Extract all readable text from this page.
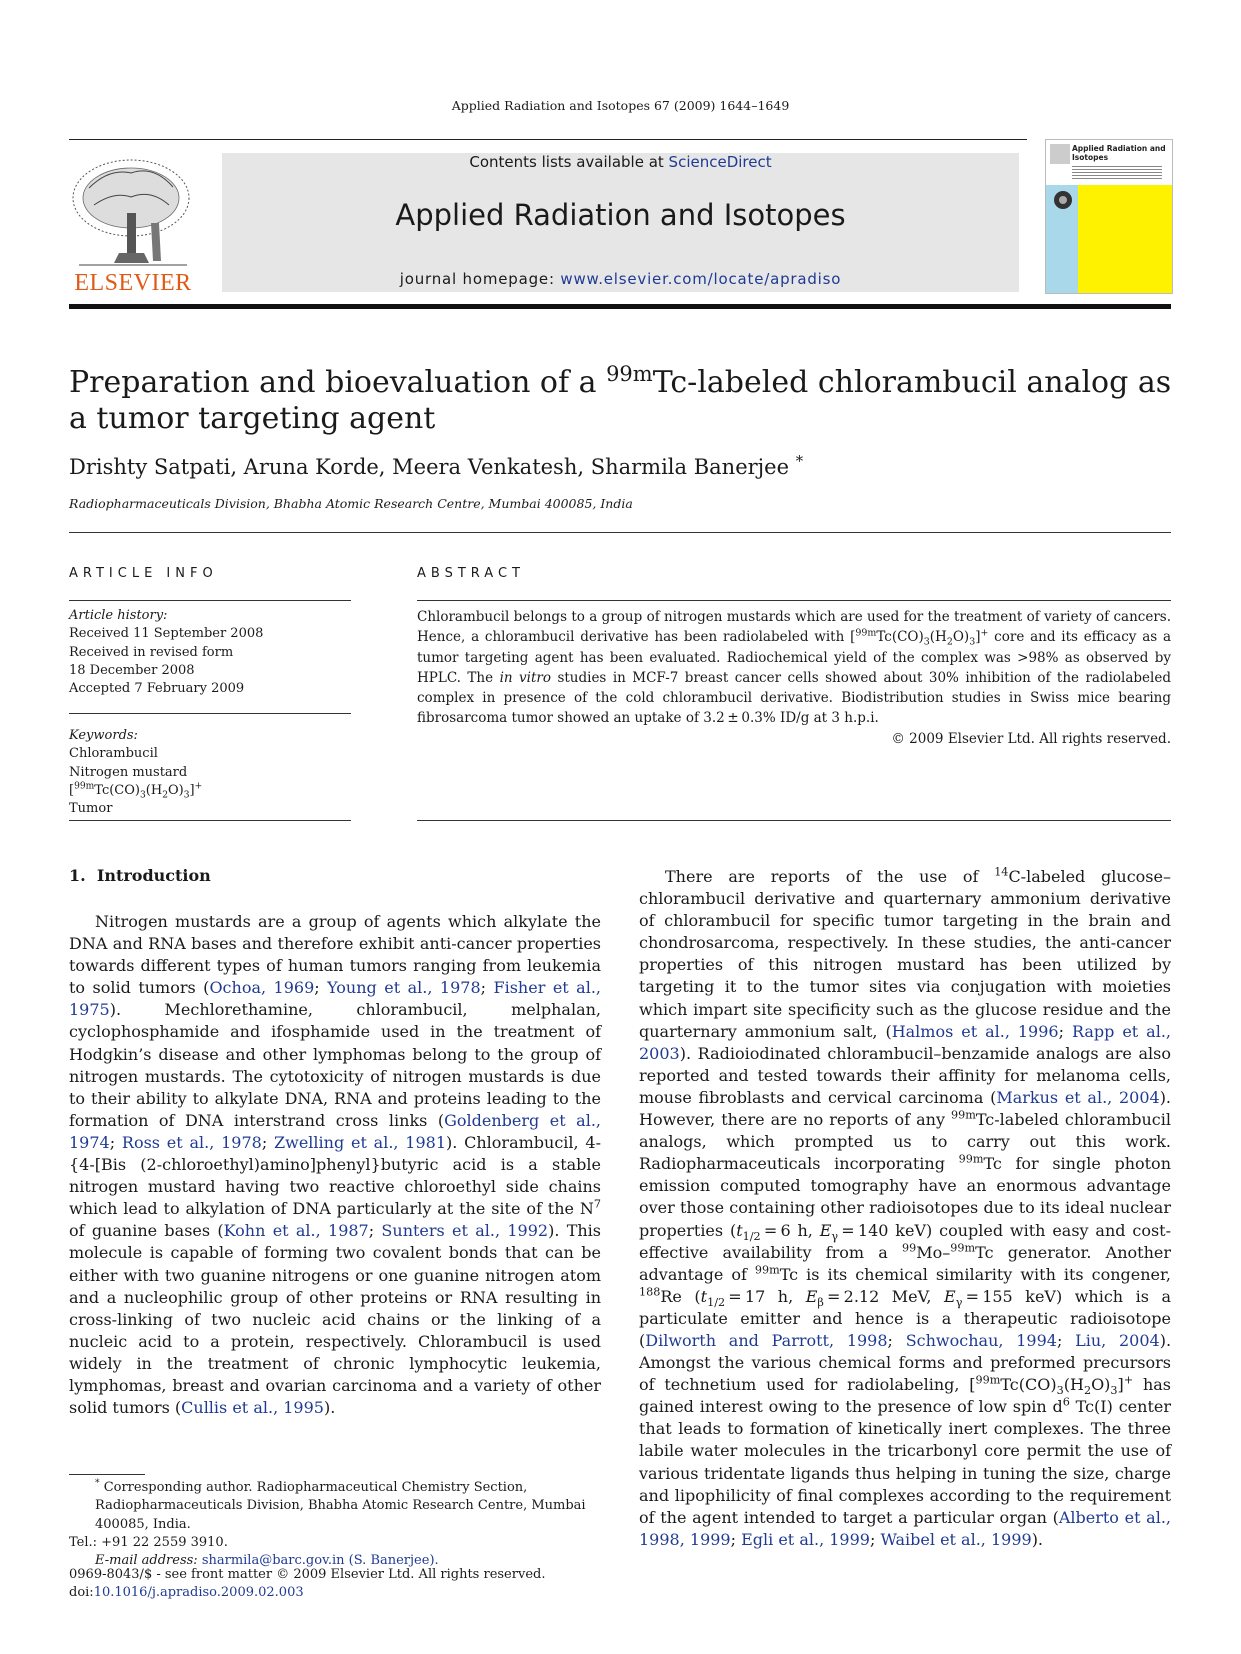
Applied Radiation and Isotopes 67 (2009) 1644–1649
ELSEVIER
Contents lists available at ScienceDirect
Applied Radiation and Isotopes
journal homepage: www.elsevier.com/locate/apradiso
Applied Radiation and Isotopes
Preparation and bioevaluation of a $^{99m}$Tc-labeled chlorambucil analog as a tumor targeting agent
Drishty Satpati, Aruna Korde, Meera Venkatesh, Sharmila Banerjee *
Radiopharmaceuticals Division, Bhabha Atomic Research Centre, Mumbai 400085, India
ARTICLE INFO	ABSTRACT
Article history:
Received 11 September 2008
Received in revised form
18 December 2008
Accepted 7 February 2009
Keywords:
Chlorambucil
Nitrogen mustard
$[^{99m}Tc(CO)_3(H_2O)_3]^+$
Tumor
Chlorambucil belongs to a group of nitrogen mustards which are used for the treatment of variety of cancers. Hence, a chlorambucil derivative has been radiolabeled with $[^{99m}Tc(CO)_3(H_2O)_3]^+$ core and its efficacy as a tumor targeting agent has been evaluated. Radiochemical yield of the complex was >98% as observed by HPLC. The in vitro studies in MCF-7 breast cancer cells showed about 30% inhibition of the radiolabeled complex in presence of the cold chlorambucil derivative. Biodistribution studies in Swiss mice bearing fibrosarcoma tumor showed an uptake of 3.2 ± 0.3% ID/g at 3 h.p.i.
© 2009 Elsevier Ltd. All rights reserved.
1. Introduction
Nitrogen mustards are a group of agents which alkylate the DNA and RNA bases and therefore exhibit anti-cancer properties towards different types of human tumors ranging from leukemia to solid tumors (Ochoa, 1969; Young et al., 1978; Fisher et al., 1975). Mechlorethamine, chlorambucil, melphalan, cyclophosphamide and ifosphamide used in the treatment of Hodgkin’s disease and other lymphomas belong to the group of nitrogen mustards. The cytotoxicity of nitrogen mustards is due to their ability to alkylate DNA, RNA and proteins leading to the formation of DNA interstrand cross links (Goldenberg et al., 1974; Ross et al., 1978; Zwelling et al., 1981). Chlorambucil, 4-{4-[Bis (2-chloroethyl)amino]phenyl}butyric acid is a stable nitrogen mustard having two reactive chloroethyl side chains which lead to alkylation of DNA particularly at the site of the $N^7$ of guanine bases (Kohn et al., 1987; Sunters et al., 1992). This molecule is capable of forming two covalent bonds that can be either with two guanine nitrogens or one guanine nitrogen atom and a nucleophilic group of other proteins or RNA resulting in cross-linking of two nucleic acid chains or the linking of a nucleic acid to a protein, respectively. Chlorambucil is used widely in the treatment of chronic lymphocytic leukemia, lymphomas, breast and ovarian carcinoma and a variety of other solid tumors (Cullis et al., 1995).
There are reports of the use of $^{14}$C-labeled glucose–chlorambucil derivative and quarternary ammonium derivative of chlorambucil for specific tumor targeting in the brain and chondrosarcoma, respectively. In these studies, the anti-cancer properties of this nitrogen mustard has been utilized by targeting it to the tumor sites via conjugation with moieties which impart site specificity such as the glucose residue and the quarternary ammonium salt, (Halmos et al., 1996; Rapp et al., 2003). Radioiodinated chlorambucil–benzamide analogs are also reported and tested towards their affinity for melanoma cells, mouse fibroblasts and cervical carcinoma (Markus et al., 2004). However, there are no reports of any $^{99m}$Tc-labeled chlorambucil analogs, which prompted us to carry out this work. Radiopharmaceuticals incorporating $^{99m}$Tc for single photon emission computed tomography have an enormous advantage over those containing other radioisotopes due to its ideal nuclear properties ($t_{1/2} = 6$ h, $E_\gamma = 140$ keV) coupled with easy and cost-effective availability from a $^{99}$Mo–$^{99m}$Tc generator. Another advantage of $^{99m}$Tc is its chemical similarity with its congener, $^{188}$Re ($t_{1/2} = 17$ h, $E_\beta = 2.12$ MeV, $E_\gamma = 155$ keV) which is a particulate emitter and hence is a therapeutic radioisotope (Dilworth and Parrott, 1998; Schwochau, 1994; Liu, 2004). Amongst the various chemical forms and preformed precursors of technetium used for radiolabeling, $[^{99m}Tc(CO)_3(H_2O)_3]^+$ has gained interest owing to the presence of low spin $d^6$ Tc(I) center that leads to formation of kinetically inert complexes. The three labile water molecules in the tricarbonyl core permit the use of various tridentate ligands thus helping in tuning the size, charge and lipophilicity of final complexes according to the requirement of the agent intended to target a particular organ (Alberto et al., 1998, 1999; Egli et al., 1999; Waibel et al., 1999).
* Corresponding author. Radiopharmaceutical Chemistry Section, Radiopharmaceuticals Division, Bhabha Atomic Research Centre, Mumbai 400085, India.
Tel.: +91 22 2559 3910.
E-mail address: sharmila@barc.gov.in (S. Banerjee).
0969-8043/$ - see front matter © 2009 Elsevier Ltd. All rights reserved.
doi:10.1016/j.apradiso.2009.02.003
